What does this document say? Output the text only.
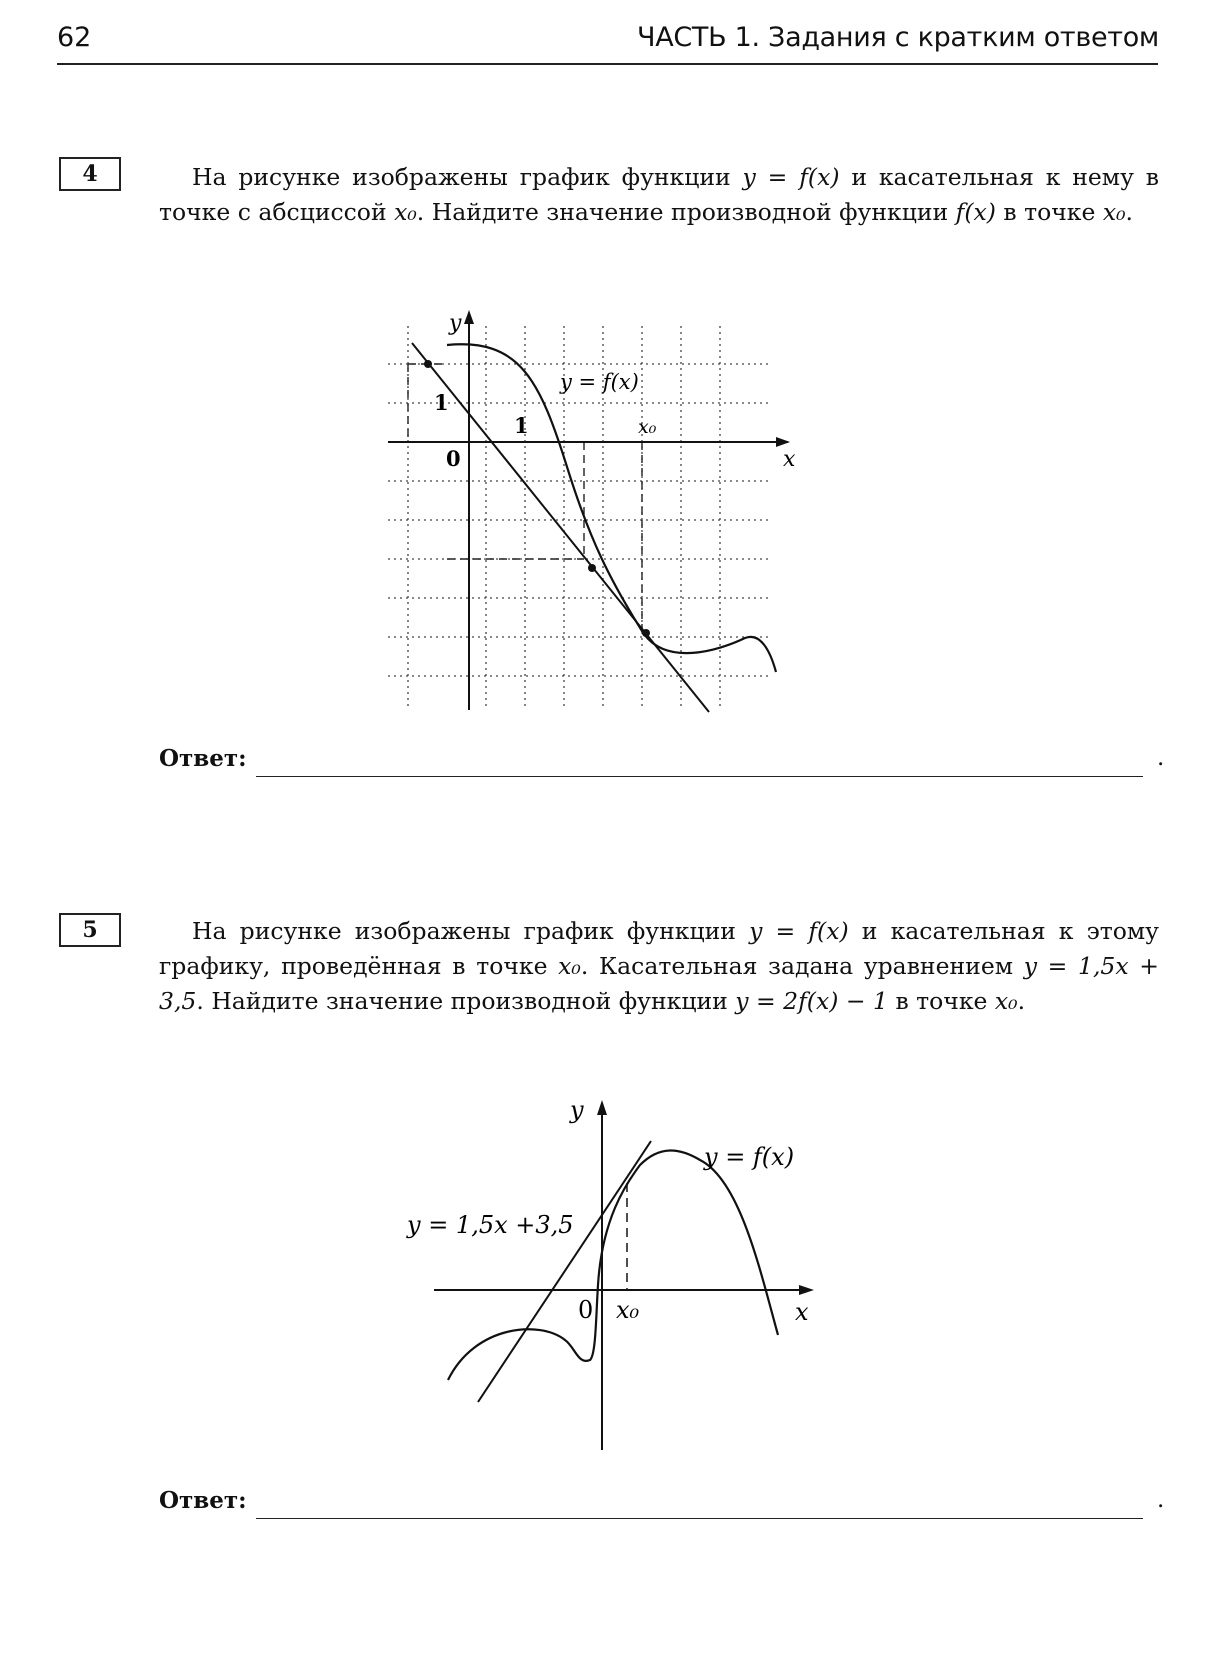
62	ЧАСТЬ 1. Задания с кратким ответом
4	На рисунке изображены график функции y = f(x) и касательная к нему в точке с абсциссой x₀. Найдите значение производной функции f(x) в точке x₀.

y
x
0
1
1
y = f(x)
x₀
Ответ:	.
5	На рисунке изображены график функции y = f(x) и касательная к этому графику, проведённая в точке x₀. Касательная задана уравнением y = 1,5x + 3,5. Найдите значение производной функции y = 2f(x) − 1 в точке x₀.

y
x
0 x₀
y = f(x)
y = 1,5x +3,5
Ответ:	.
